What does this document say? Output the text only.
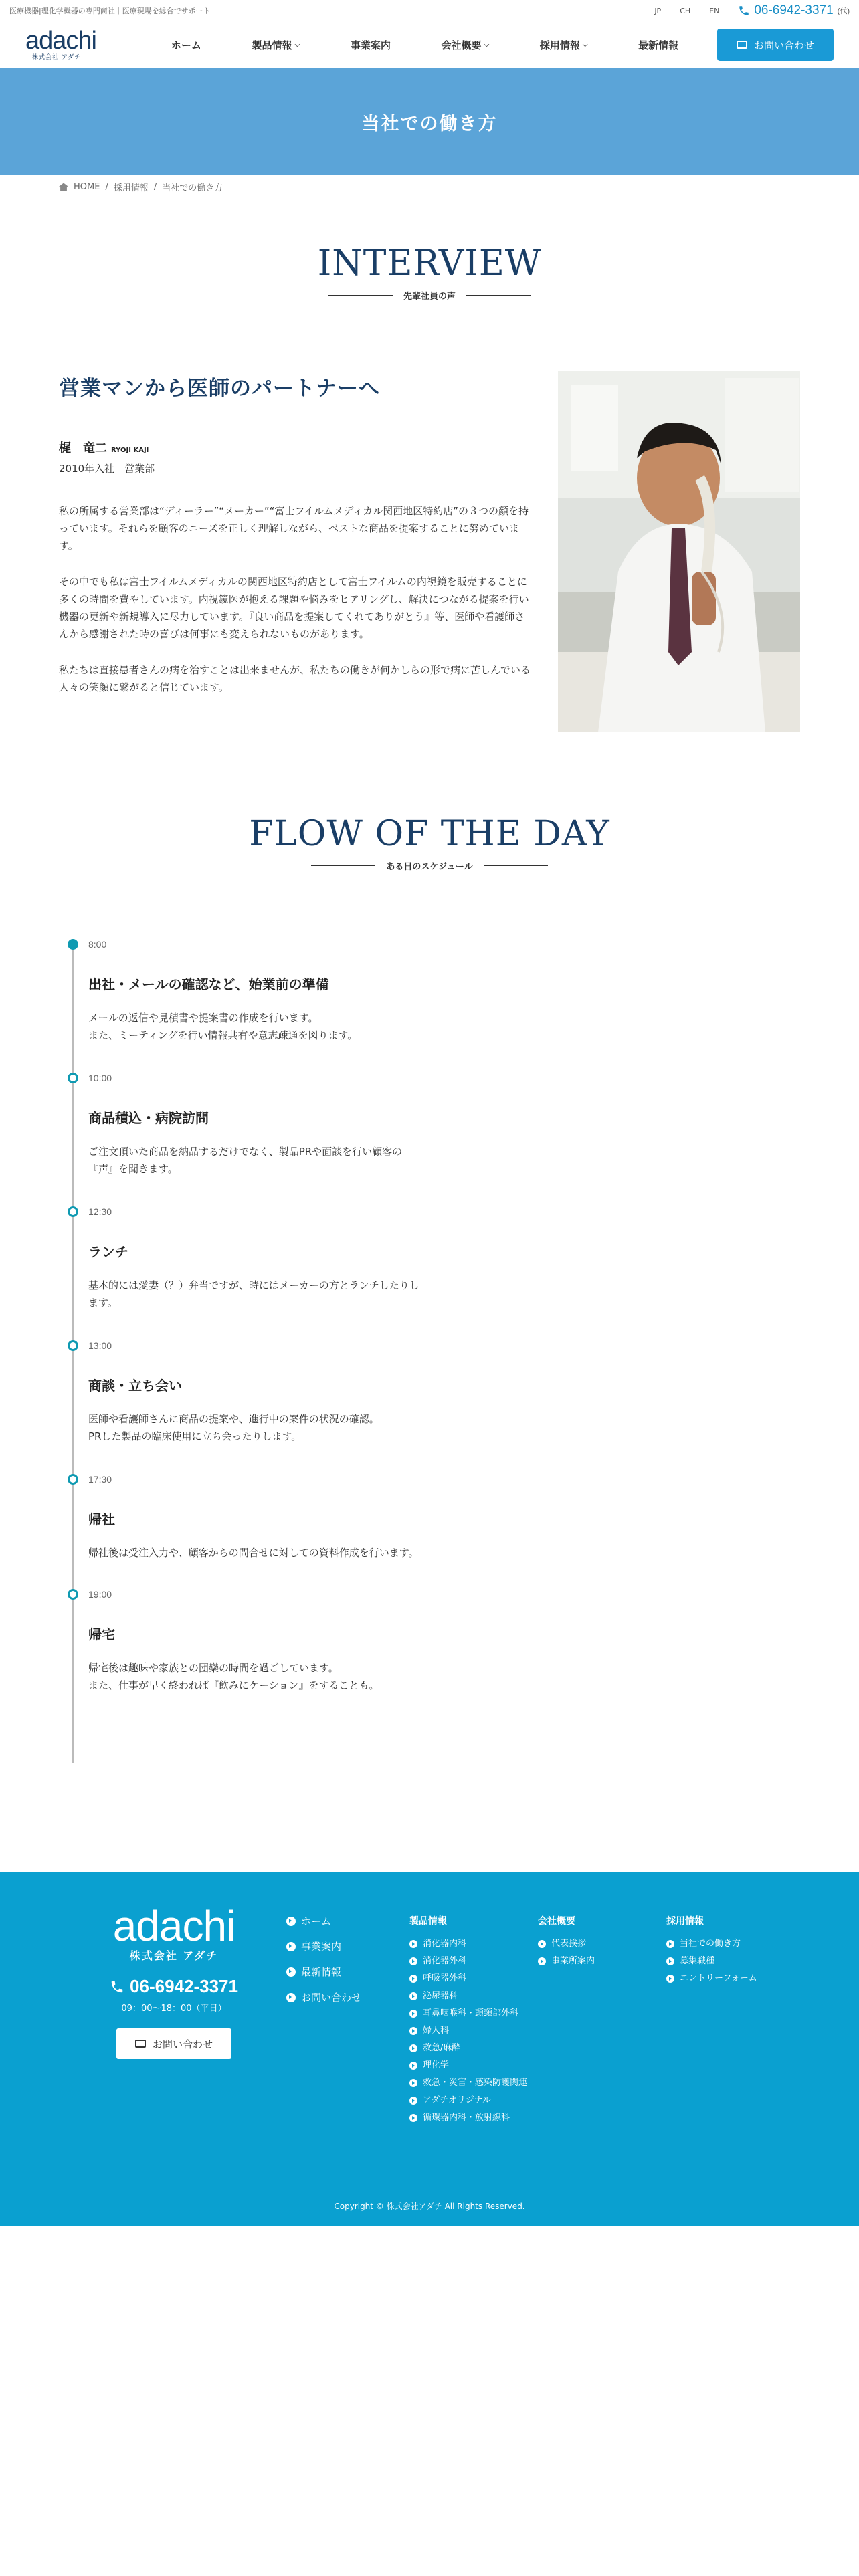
医療機器|理化学機器の専門商社｜医療現場を総合でサポート	JP	CH	EN	06-6942-3371 (代)
adachi
株式会社 アダチ
ホーム	製品情報 ⌵	事業案内	会社概要 ⌵	採用情報 ⌵	最新情報	お問い合わせ
当社での働き方
HOME / 採用情報 / 当社での働き方
INTERVIEW
先輩社員の声
営業マンから医師のパートナーへ
梶　竜二 RYOJI KAJI
2010年入社　営業部

私の所属する営業部は“ディーラー”“メーカー”“富士フイルムメディカル関西地区特約店”の３つの顔を持っています。それらを顧客のニーズを正しく理解しながら、ベストな商品を提案することに努めています。

その中でも私は富士フイルムメディカルの関西地区特約店として富士フイルムの内視鏡を販売することに多くの時間を費やしています。内視鏡医が抱える課題や悩みをヒアリングし、解決につながる提案を行い機器の更新や新規導入に尽力しています。『良い商品を提案してくれてありがとう』等、医師や看護師さんから感謝された時の喜びは何事にも変えられないものがあります。

私たちは直接患者さんの病を治すことは出来ませんが、私たちの働きが何かしらの形で病に苦しんでいる人々の笑顔に繋がると信じています。

FLOW OF THE DAY
ある日のスケジュール
8:00
出社・メールの確認など、始業前の準備
メールの返信や見積書や提案書の作成を行います。
また、ミーティングを行い情報共有や意志疎通を図ります。
10:00
商品積込・病院訪問
ご注文頂いた商品を納品するだけでなく、製品PRや面談を行い顧客の
『声』を聞きます。
12:30
ランチ
基本的には愛妻（？）弁当ですが、時にはメーカーの方とランチしたりし
ます。
13:00
商談・立ち会い
医師や看護師さんに商品の提案や、進行中の案件の状況の確認。
PRした製品の臨床使用に立ち会ったりします。
17:30
帰社
帰社後は受注入力や、顧客からの問合せに対しての資料作成を行います。
19:00
帰宅
帰宅後は趣味や家族との団欒の時間を過ごしています。
また、仕事が早く終われば『飲みにケーション』をすることも。
adachi
株式会社 アダチ
06-6942-3371
09：00〜18：00（平日）
お問い合わせ
ホーム
事業案内
最新情報
お問い合わせ
製品情報
消化器内科
消化器外科
呼吸器外科
泌尿器科
耳鼻咽喉科・頭頸部外科
婦人科
救急/麻酔
理化学
救急・災害・感染防護関連
アダチオリジナル
循環器内科・放射線科
会社概要
代表挨拶
事業所案内
採用情報
当社での働き方
募集職種
エントリーフォーム
Copyright © 株式会社アダチ All Rights Reserved.
